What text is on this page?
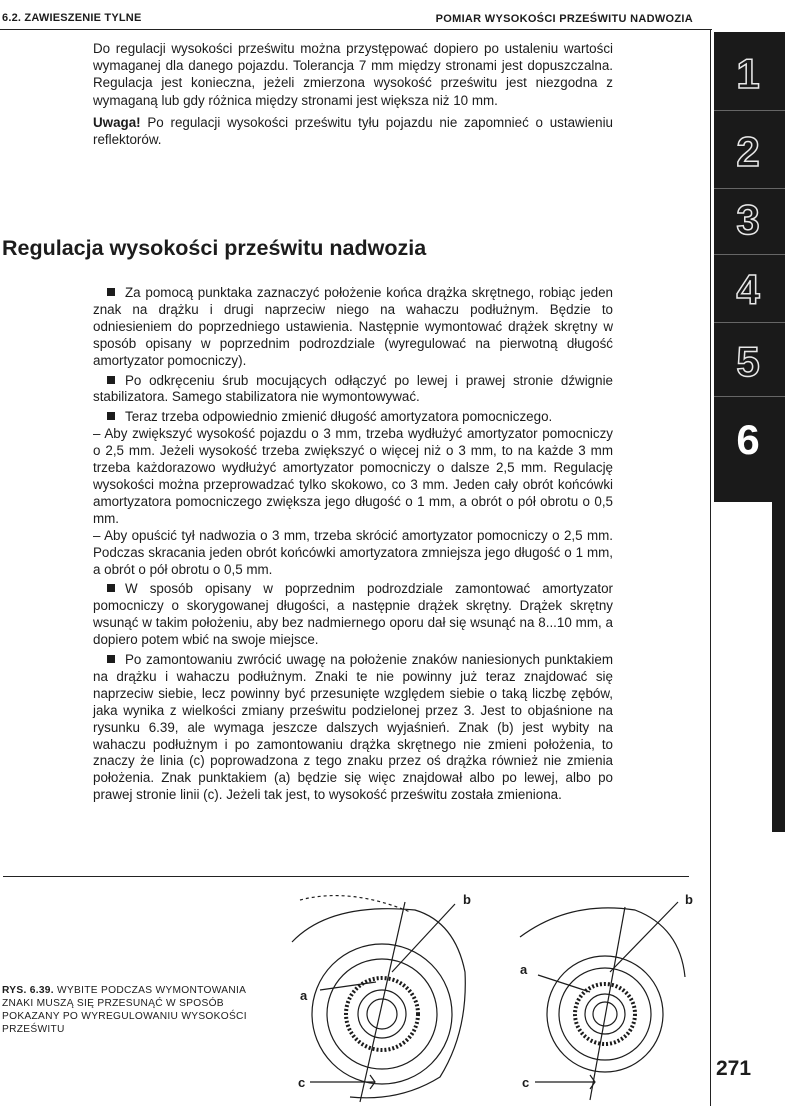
6.2. ZAWIESZENIE TYLNE	POMIAR WYSOKOŚCI PRZEŚWITU NADWOZIA
1
2
3
4
5
6

Do regulacji wysokości prześwitu można przystępować dopiero po ustaleniu wartości wymaganej dla danego pojazdu. Tolerancja 7 mm między stronami jest dopuszczalna. Regulacja jest konieczna, jeżeli zmierzona wysokość prześwitu jest niezgodna z wymaganą lub gdy różnica między stronami jest większa niż 10 mm.

Uwaga! Po regulacji wysokości prześwitu tyłu pojazdu nie zapomnieć o ustawieniu reflektorów.

Regulacja wysokości prześwitu nadwozia

Za pomocą punktaka zaznaczyć położenie końca drążka skrętnego, robiąc jeden znak na drążku i drugi naprzeciw niego na wahaczu podłużnym. Będzie to odniesieniem do poprzedniego ustawienia. Następnie wymontować drążek skrętny w sposób opisany w poprzednim podrozdziale (wyregulować na pierwotną długość amortyzator pomocniczy).

Po odkręceniu śrub mocujących odłączyć po lewej i prawej stronie dźwignie stabilizatora. Samego stabilizatora nie wymontowywać.

Teraz trzeba odpowiednio zmienić długość amortyzatora pomocniczego.
– Aby zwiększyć wysokość pojazdu o 3 mm, trzeba wydłużyć amortyzator pomocniczy o 2,5 mm. Jeżeli wysokość trzeba zwiększyć o więcej niż o 3 mm, to na każde 3 mm trzeba każdorazowo wydłużyć amortyzator pomocniczy o dalsze 2,5 mm. Regulację wysokości można przeprowadzać tylko skokowo, co 3 mm. Jeden cały obrót końcówki amortyzatora pomocniczego zwiększa jego długość o 1 mm, a obrót o pół obrotu o 0,5 mm.
– Aby opuścić tył nadwozia o 3 mm, trzeba skrócić amortyzator pomocniczy o 2,5 mm. Podczas skracania jeden obrót końcówki amortyzatora zmniejsza jego długość o 1 mm, a obrót o pół obrotu o 0,5 mm.

W sposób opisany w poprzednim podrozdziale zamontować amortyzator pomocniczy o skorygowanej długości, a następnie drążek skrętny. Drążek skrętny wsunąć w takim położeniu, aby bez nadmiernego oporu dał się wsunąć na 8...10 mm, a dopiero potem wbić na swoje miejsce.

Po zamontowaniu zwrócić uwagę na położenie znaków naniesionych punktakiem na drążku i wahaczu podłużnym. Znaki te nie powinny już teraz znajdować się naprzeciw siebie, lecz powinny być przesunięte względem siebie o taką liczbę zębów, jaka wynika z wielkości zmiany prześwitu podzielonej przez 3. Jest to objaśnione na rysunku 6.39, ale wymaga jeszcze dalszych wyjaśnień. Znak (b) jest wybity na wahaczu podłużnym i po zamontowaniu drążka skrętnego nie zmieni położenia, to znaczy że linia (c) poprowadzona z tego znaku przez oś drążka również nie zmienia położenia. Znak punktakiem (a) będzie się więc znajdował albo po lewej, albo po prawej stronie linii (c). Jeżeli tak jest, to wysokość prześwitu została zmieniona.

RYS. 6.39. WYBITE PODCZAS WYMONTOWANIA ZNAKI MUSZĄ SIĘ PRZESUNĄĆ W SPOSÓB POKAZANY PO WYREGULOWANIU WYSOKOŚCI PRZEŚWITU
b
a
c
b
a
c
271
